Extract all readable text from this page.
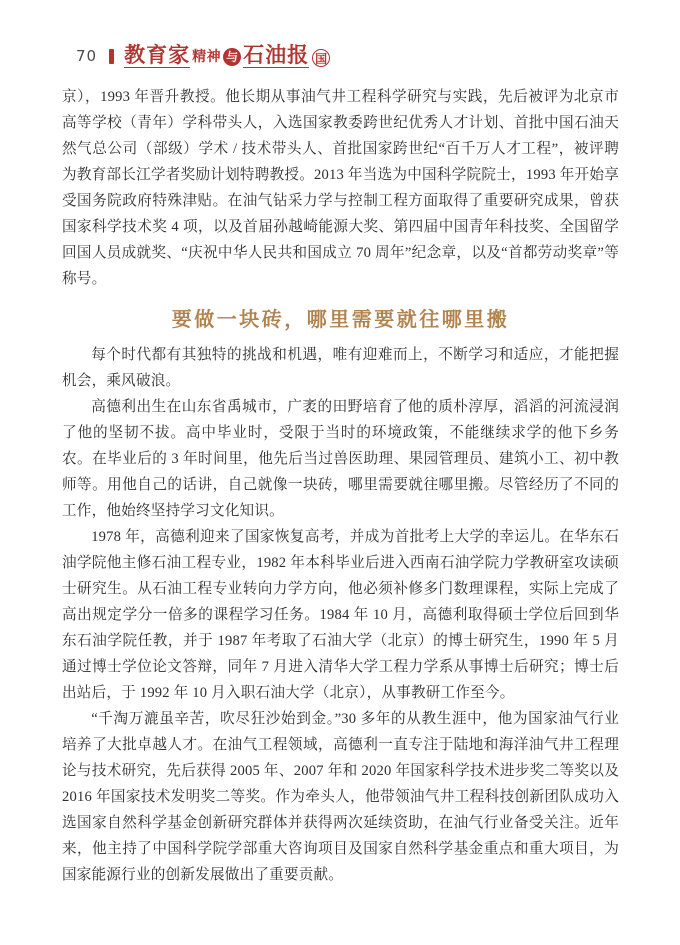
70 教育家 精神 与 石油报 国

京），1993 年晋升教授。他长期从事油气井工程科学研究与实践，先后被评为北京市高等学校（青年）学科带头人，入选国家教委跨世纪优秀人才计划、首批中国石油天然气总公司（部级）学术 / 技术带头人、首批国家跨世纪“百千万人才工程”，被评聘为教育部长江学者奖励计划特聘教授。2013 年当选为中国科学院院士，1993 年开始享受国务院政府特殊津贴。在油气钻采力学与控制工程方面取得了重要研究成果，曾获国家科学技术奖 4 项，以及首届孙越崎能源大奖、第四届中国青年科技奖、全国留学回国人员成就奖、“庆祝中华人民共和国成立 70 周年”纪念章，以及“首都劳动奖章”等称号。

要做一块砖，哪里需要就往哪里搬

每个时代都有其独特的挑战和机遇，唯有迎难而上，不断学习和适应，才能把握机会，乘风破浪。

高德利出生在山东省禹城市，广袤的田野培育了他的质朴淳厚，滔滔的河流浸润了他的坚韧不拔。高中毕业时，受限于当时的环境政策，不能继续求学的他下乡务农。在毕业后的 3 年时间里，他先后当过兽医助理、果园管理员、建筑小工、初中教师等。用他自己的话讲，自己就像一块砖，哪里需要就往哪里搬。尽管经历了不同的工作，他始终坚持学习文化知识。

1978 年，高德利迎来了国家恢复高考，并成为首批考上大学的幸运儿。在华东石油学院他主修石油工程专业，1982 年本科毕业后进入西南石油学院力学教研室攻读硕士研究生。从石油工程专业转向力学方向，他必须补修多门数理课程，实际上完成了高出规定学分一倍多的课程学习任务。1984 年 10 月，高德利取得硕士学位后回到华东石油学院任教，并于 1987 年考取了石油大学（北京）的博士研究生，1990 年 5 月通过博士学位论文答辩，同年 7 月进入清华大学工程力学系从事博士后研究；博士后出站后，于 1992 年 10 月入职石油大学（北京），从事教研工作至今。

“千淘万漉虽辛苦，吹尽狂沙始到金。”30 多年的从教生涯中，他为国家油气行业培养了大批卓越人才。在油气工程领域，高德利一直专注于陆地和海洋油气井工程理论与技术研究，先后获得 2005 年、2007 年和 2020 年国家科学技术进步奖二等奖以及 2016 年国家技术发明奖二等奖。作为牵头人，他带领油气井工程科技创新团队成功入选国家自然科学基金创新研究群体并获得两次延续资助，在油气行业备受关注。近年来，他主持了中国科学院学部重大咨询项目及国家自然科学基金重点和重大项目，为国家能源行业的创新发展做出了重要贡献。
